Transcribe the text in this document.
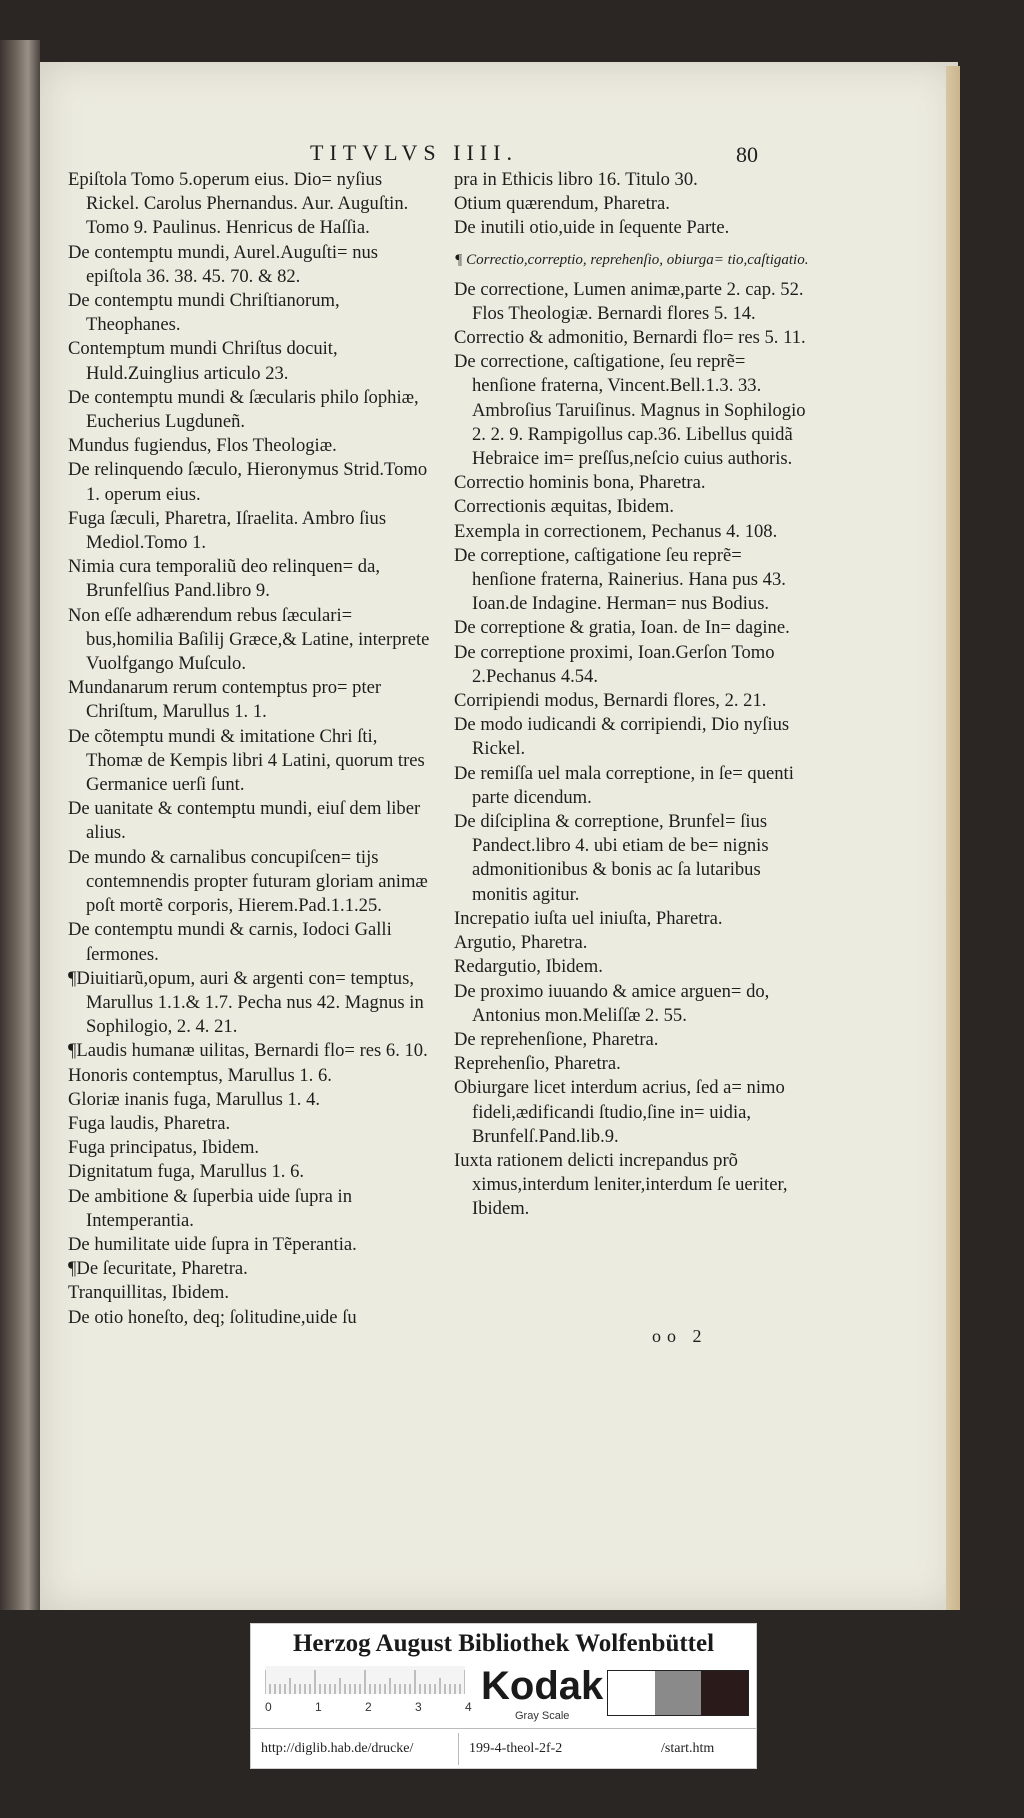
TITVLVS IIII.	80

Epiſtola Tomo 5.operum eius. Dio= nyſius Rickel. Carolus Phernandus. Aur. Auguſtin. Tomo 9. Paulinus. Henricus de Haſſia.

De contemptu mundi, Aurel.Auguſti= nus epiſtola 36. 38. 45. 70. & 82.

De contemptu mundi Chriſtianorum, Theophanes.

Contemptum mundi Chriſtus docuit, Huld.Zuinglius articulo 23.

De contemptu mundi & ſæcularis philo ſophiæ, Eucherius Lugduneñ.

Mundus fugiendus, Flos Theologiæ.

De relinquendo ſæculo, Hieronymus Strid.Tomo 1. operum eius.

Fuga ſæculi, Pharetra, Iſraelita. Ambro ſius Mediol.Tomo 1.

Nimia cura temporaliũ deo relinquen= da, Brunfelſius Pand.libro 9.

Non eſſe adhærendum rebus ſæculari= bus,homilia Baſilij Græce,& Latine, interprete Vuolfgango Muſculo.

Mundanarum rerum contemptus pro= pter Chriſtum, Marullus 1. 1.

De cõtemptu mundi & imitatione Chri ſti, Thomæ de Kempis libri 4 Latini, quorum tres Germanice uerſi ſunt.

De uanitate & contemptu mundi, eiuſ dem liber alius.

De mundo & carnalibus concupiſcen= tijs contemnendis propter futuram gloriam animæ poſt mortẽ corporis, Hierem.Pad.1.1.25.

De contemptu mundi & carnis, Iodoci Galli ſermones.

¶Diuitiarũ,opum, auri & argenti con= temptus, Marullus 1.1.& 1.7. Pecha nus 42. Magnus in Sophilogio, 2. 4. 21.

¶Laudis humanæ uilitas, Bernardi flo= res 6. 10.

Honoris contemptus, Marullus 1. 6.

Gloriæ inanis fuga, Marullus 1. 4.

Fuga laudis, Pharetra.

Fuga principatus, Ibidem.

Dignitatum fuga, Marullus 1. 6.

De ambitione & ſuperbia uide ſupra in Intemperantia.

De humilitate uide ſupra in Tẽperantia.

¶De ſecuritate, Pharetra.

Tranquillitas, Ibidem.

De otio honeſto, deq; ſolitudine,uide ſu

pra in Ethicis libro 16. Titulo 30.

Otium quærendum, Pharetra.

De inutili otio,uide in ſequente Parte.

¶ Correctio,correptio, reprehenſio, obiurga= tio,caſtigatio.

De correctione, Lumen animæ,parte 2. cap. 52. Flos Theologiæ. Bernardi flores 5. 14.

Correctio & admonitio, Bernardi flo= res 5. 11.

De correctione, caſtigatione, ſeu reprẽ= henſione fraterna, Vincent.Bell.1.3. 33. Ambroſius Taruiſinus. Magnus in Sophilogio 2. 2. 9. Rampigollus cap.36. Libellus quidã Hebraice im= preſſus,neſcio cuius authoris.

Correctio hominis bona, Pharetra.

Correctionis æquitas, Ibidem.

Exempla in correctionem, Pechanus 4. 108.

De correptione, caſtigatione ſeu reprẽ= henſione fraterna, Rainerius. Hana pus 43. Ioan.de Indagine. Herman= nus Bodius.

De correptione & gratia, Ioan. de In= dagine.

De correptione proximi, Ioan.Gerſon Tomo 2.Pechanus 4.54.

Corripiendi modus, Bernardi flores, 2. 21.

De modo iudicandi & corripiendi, Dio nyſius Rickel.

De remiſſa uel mala correptione, in ſe= quenti parte dicendum.

De diſciplina & correptione, Brunfel= ſius Pandect.libro 4. ubi etiam de be= nignis admonitionibus & bonis ac ſa lutaribus monitis agitur.

Increpatio iuſta uel iniuſta, Pharetra.

Argutio, Pharetra.

Redargutio, Ibidem.

De proximo iuuando & amice arguen= do, Antonius mon.Meliſſæ 2. 55.

De reprehenſione, Pharetra.

Reprehenſio, Pharetra.

Obiurgare licet interdum acrius, ſed a= nimo fideli,ædificandi ſtudio,ſine in= uidia, Brunfelſ.Pand.lib.9.

Iuxta rationem delicti increpandus prõ ximus,interdum leniter,interdum ſe ueriter, Ibidem.

oo 2
Herzog August Bibliothek Wolfenbüttel
0	1	2	3	4 Kodak
Gray Scale
http://diglib.hab.de/drucke/	199-4-theol-2f-2	/start.htm
